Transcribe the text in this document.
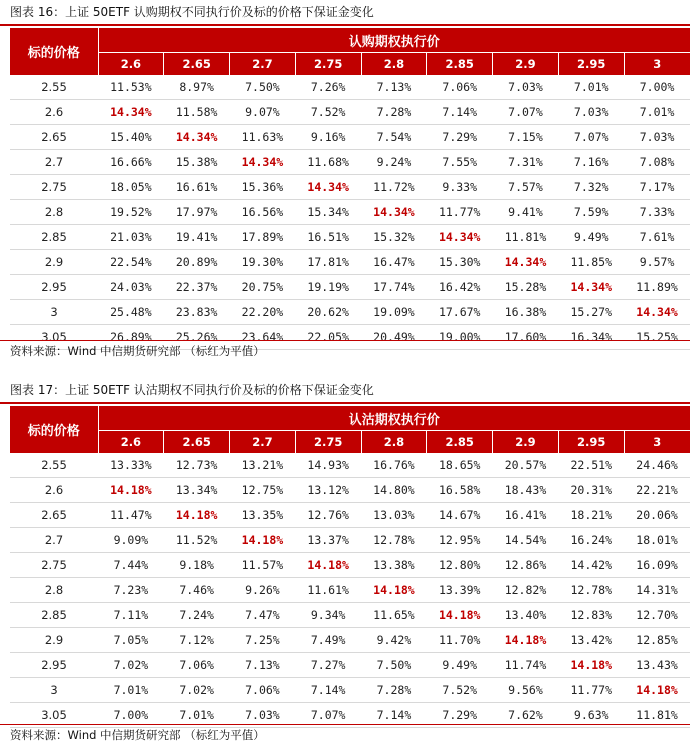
图表 16：上证 50ETF 认购期权不同执行价及标的价格下保证金变化
标的价格	认购期权执行价								
	2.6	2.65	2.7	2.75	2.8	2.85	2.9	2.95	3
2.55	11.53%	8.97%	7.50%	7.26%	7.13%	7.06%	7.03%	7.01%	7.00%
2.6	14.34%	11.58%	9.07%	7.52%	7.28%	7.14%	7.07%	7.03%	7.01%
2.65	15.40%	14.34%	11.63%	9.16%	7.54%	7.29%	7.15%	7.07%	7.03%
2.7	16.66%	15.38%	14.34%	11.68%	9.24%	7.55%	7.31%	7.16%	7.08%
2.75	18.05%	16.61%	15.36%	14.34%	11.72%	9.33%	7.57%	7.32%	7.17%
2.8	19.52%	17.97%	16.56%	15.34%	14.34%	11.77%	9.41%	7.59%	7.33%
2.85	21.03%	19.41%	17.89%	16.51%	15.32%	14.34%	11.81%	9.49%	7.61%
2.9	22.54%	20.89%	19.30%	17.81%	16.47%	15.30%	14.34%	11.85%	9.57%
2.95	24.03%	22.37%	20.75%	19.19%	17.74%	16.42%	15.28%	14.34%	11.89%
3	25.48%	23.83%	22.20%	20.62%	19.09%	17.67%	16.38%	15.27%	14.34%
3.05	26.89%	25.26%	23.64%	22.05%	20.49%	19.00%	17.60%	16.34%	15.25%
资料来源：Wind 中信期货研究部 （标红为平值）
图表 17：上证 50ETF 认沽期权不同执行价及标的价格下保证金变化
标的价格	认沽期权执行价								
	2.6	2.65	2.7	2.75	2.8	2.85	2.9	2.95	3
2.55	13.33%	12.73%	13.21%	14.93%	16.76%	18.65%	20.57%	22.51%	24.46%
2.6	14.18%	13.34%	12.75%	13.12%	14.80%	16.58%	18.43%	20.31%	22.21%
2.65	11.47%	14.18%	13.35%	12.76%	13.03%	14.67%	16.41%	18.21%	20.06%
2.7	9.09%	11.52%	14.18%	13.37%	12.78%	12.95%	14.54%	16.24%	18.01%
2.75	7.44%	9.18%	11.57%	14.18%	13.38%	12.80%	12.86%	14.42%	16.09%
2.8	7.23%	7.46%	9.26%	11.61%	14.18%	13.39%	12.82%	12.78%	14.31%
2.85	7.11%	7.24%	7.47%	9.34%	11.65%	14.18%	13.40%	12.83%	12.70%
2.9	7.05%	7.12%	7.25%	7.49%	9.42%	11.70%	14.18%	13.42%	12.85%
2.95	7.02%	7.06%	7.13%	7.27%	7.50%	9.49%	11.74%	14.18%	13.43%
3	7.01%	7.02%	7.06%	7.14%	7.28%	7.52%	9.56%	11.77%	14.18%
3.05	7.00%	7.01%	7.03%	7.07%	7.14%	7.29%	7.62%	9.63%	11.81%
资料来源：Wind 中信期货研究部 （标红为平值）
